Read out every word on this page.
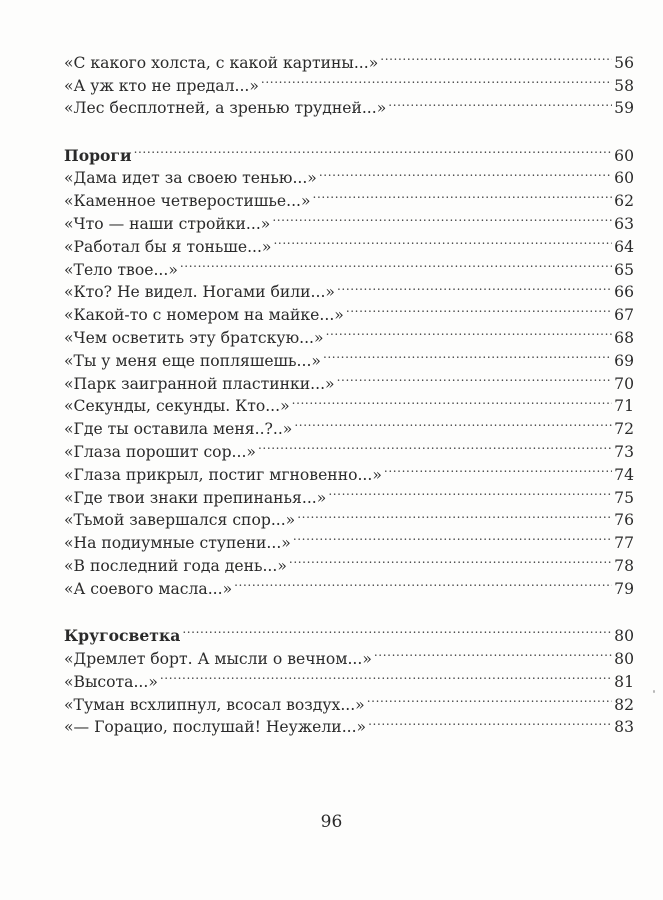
«С какого холста, с какой картины...» . . .	56
«А уж кто не предал...» . . .	58
«Лес бесплотней, а зренью трудней...» . . .	59
Пороги . . .	60
«Дама идет за своею тенью...» . . .	60
«Каменное четверостишье...» . . .	62
«Что — наши стройки...» . . .	63
«Работал бы я тоньше...» . . .	64
«Тело твое...» . . .	65
«Кто? Не видел. Ногами били...» . . .	66
«Какой-то с номером на майке...» . . .	67
«Чем осветить эту братскую...» . . .	68
«Ты у меня еще попляшешь...» . . .	69
«Парк заигранной пластинки...» . . .	70
«Секунды, секунды. Кто...» . . .	71
«Где ты оставила меня..?..» . . .	72
«Глаза порошит сор...» . . .	73
«Глаза прикрыл, постиг мгновенно...» . . .	74
«Где твои знаки препинанья...» . . .	75
«Тьмой завершался спор...» . . .	76
«На подиумные ступени...» . . .	77
«В последний года день...» . . .	78
«А соевого масла...» . . .	79
Кругосветка . . .	80
«Дремлет борт. А мысли о вечном...» . . .	80
«Высота...» . . .	81
«Туман всхлипнул, всосал воздух...» . . .	82
«— Горацио, послушай! Неужели...» . . .	83
96
